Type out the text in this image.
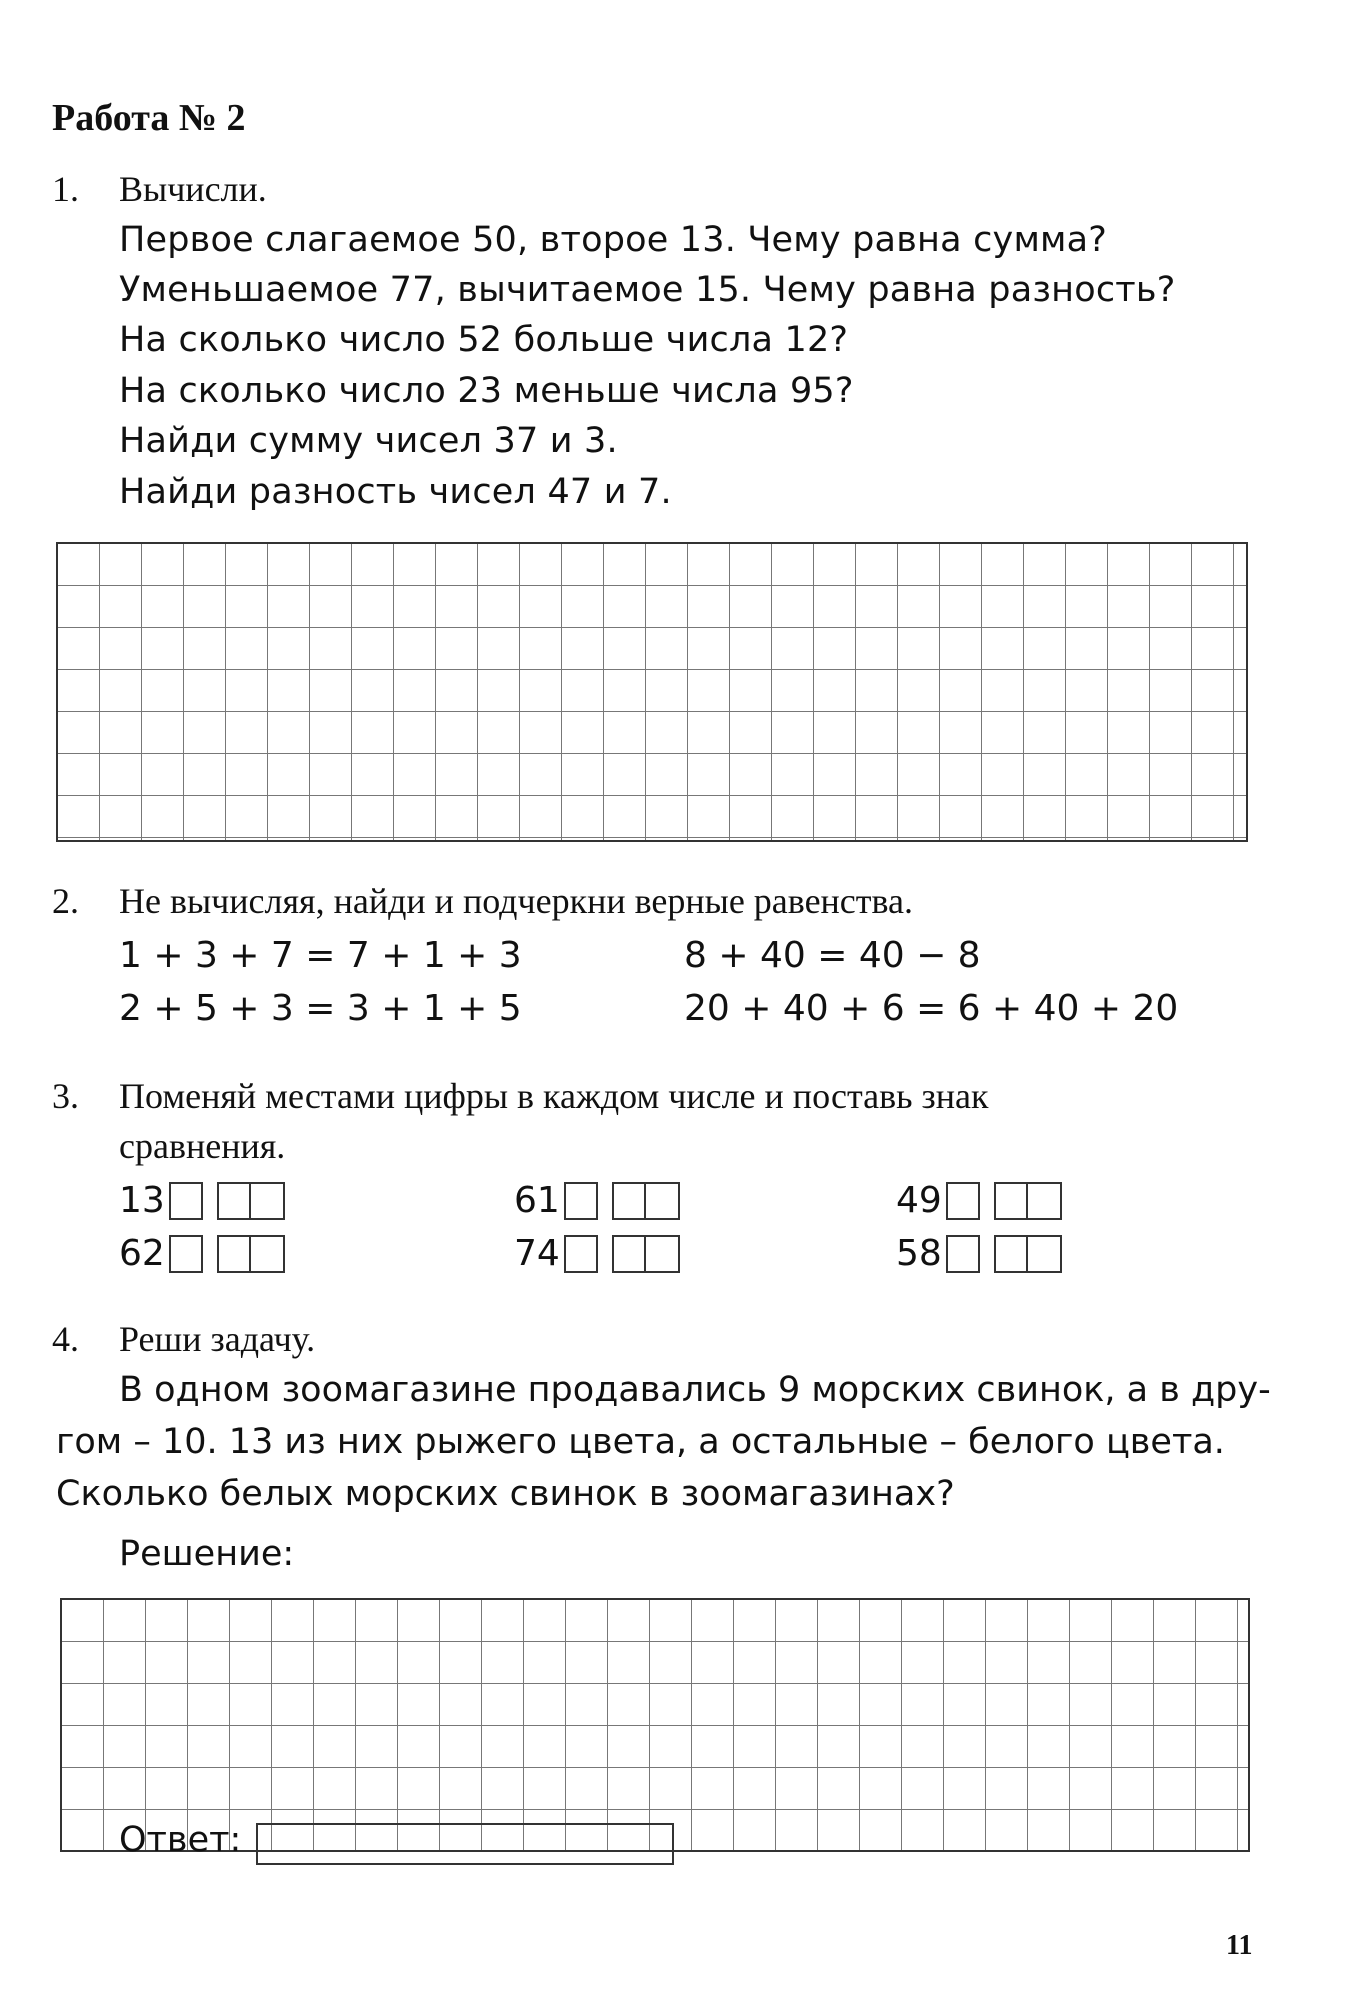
Работа № 2
1. Вычисли.
Первое слагаемое 50, второе 13. Чему равна сумма?
Уменьшаемое 77, вычитаемое 15. Чему равна разность?
На сколько число 52 больше числа 12?
На сколько число 23 меньше числа 95?
Найди сумму чисел 37 и 3.
Найди разность чисел 47 и 7.
2. Не вычисляя, найди и подчеркни верные равенства.
1 + 3 + 7 = 7 + 1 + 3	8 + 40 = 40 − 8
2 + 5 + 3 = 3 + 1 + 5	20 + 40 + 6 = 6 + 40 + 20
3. Поменяй местами цифры в каждом числе и поставь знак
сравнения.
13	61	49
62	74	58
4. Реши задачу.
В одном зоомагазине продавались 9 морских свинок, а в дру-
гом – 10. 13 из них рыжего цвета, а остальные – белого цвета.
Сколько белых морских свинок в зоомагазинах?
Решение:
Ответ:
11
